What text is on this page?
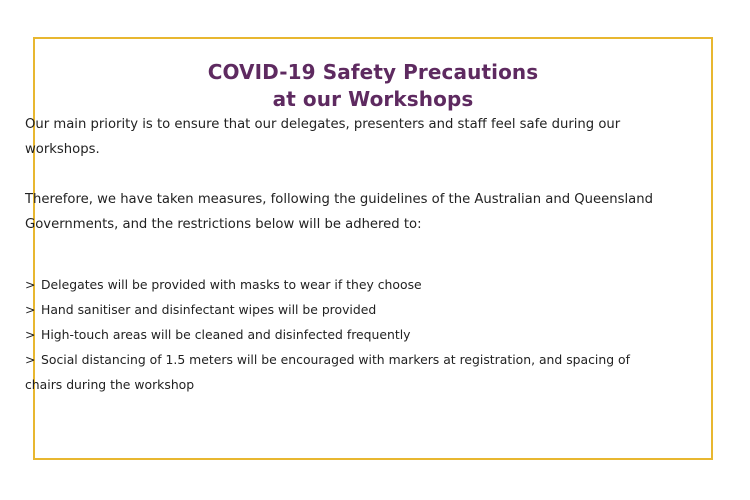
COVID-19 Safety Precautions
at our Workshops

Our main priority is to ensure that our delegates, presenters and staff feel safe during our workshops.

Therefore, we have taken measures, following the guidelines of the Australian and Queensland Governments, and the restrictions below will be adhered to:

> Delegates will be provided with masks to wear if they choose
> Hand sanitiser and disinfectant wipes will be provided
> High-touch areas will be cleaned and disinfected frequently
> Social distancing of 1.5 meters will be encouraged with markers at registration, and spacing of chairs during the workshop
